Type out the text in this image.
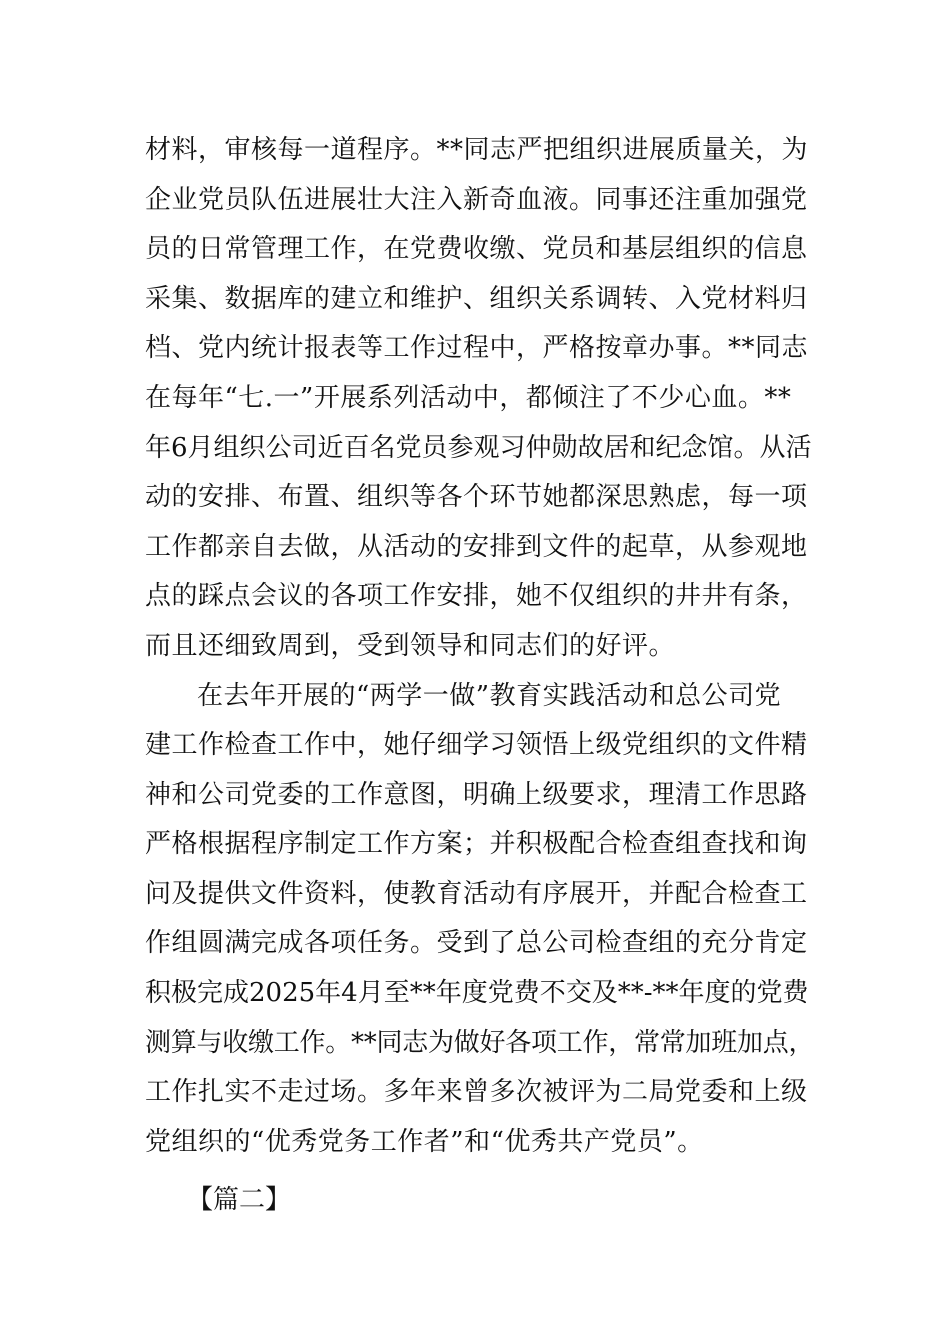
材料，审核每一道程序。**同志严把组织进展质量关，为
企业党员队伍进展壮大注入新奇血液。同事还注重加强党
员的日常管理工作，在党费收缴、党员和基层组织的信息
采集、数据库的建立和维护、组织关系调转、入党材料归
档、党内统计报表等工作过程中，严格按章办事。**同志
在每年“七.一”开展系列活动中，都倾注了不少心血。**
年6月组织公司近百名党员参观习仲勋故居和纪念馆。从活
动的安排、布置、组织等各个环节她都深思熟虑，每一项
工作都亲自去做，从活动的安排到文件的起草，从参观地
点的踩点会议的各项工作安排，她不仅组织的井井有条，
而且还细致周到，受到领导和同志们的好评。
在去年开展的“两学一做”教育实践活动和总公司党
建工作检查工作中，她仔细学习领悟上级党组织的文件精
神和公司党委的工作意图，明确上级要求，理清工作思路
严格根据程序制定工作方案；并积极配合检查组查找和询
问及提供文件资料，使教育活动有序展开，并配合检查工
作组圆满完成各项任务。受到了总公司检查组的充分肯定
积极完成2025年4月至**年度党费不交及**-**年度的党费
测算与收缴工作。**同志为做好各项工作，常常加班加点，
工作扎实不走过场。多年来曾多次被评为二局党委和上级
党组织的“优秀党务工作者”和“优秀共产党员”。
【篇二】
